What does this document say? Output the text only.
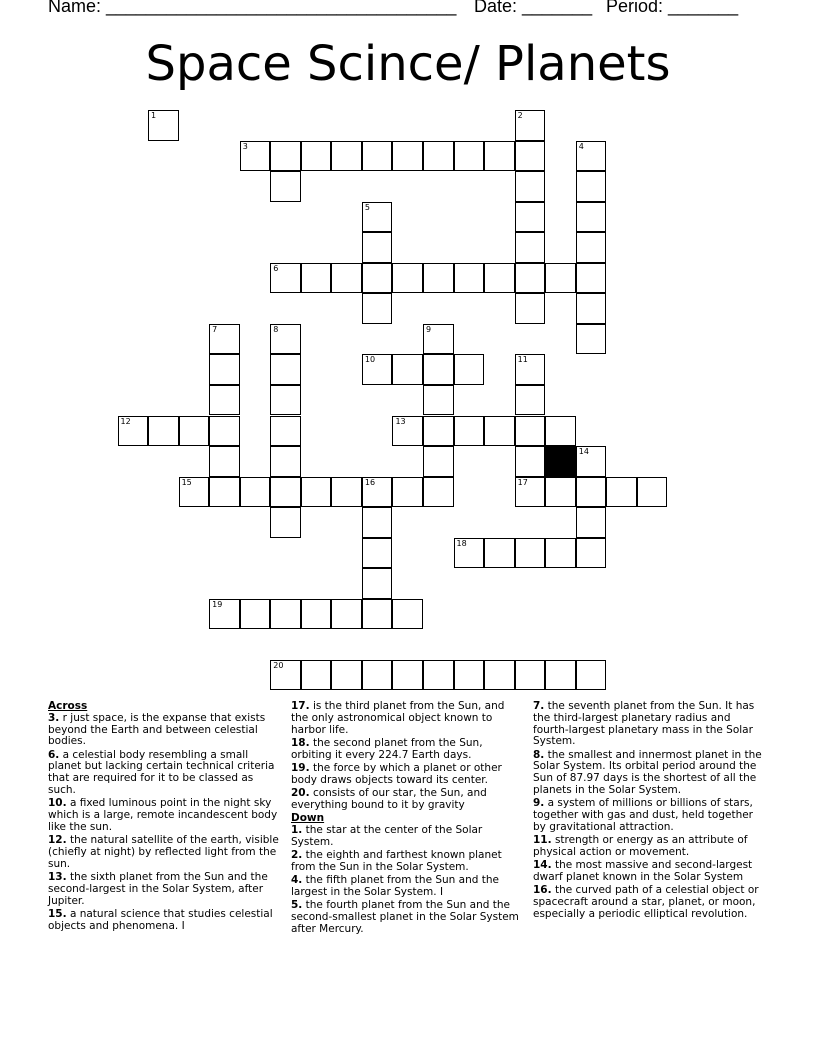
Name: ___________________________________ Date: _______ Period: _______
Space Scince/ Planets
1	2
3	4
5
6
7	8	9
10	11
12	13
14
15	16	17
18
19
20
Across
3. r just space, is the expanse that exists beyond the Earth and between celestial bodies.
6. a celestial body resembling a small planet but lacking certain technical criteria that are required for it to be classed as such.
10. a fixed luminous point in the night sky which is a large, remote incandescent body like the sun.
12. the natural satellite of the earth, visible (chiefly at night) by reflected light from the sun.
13. the sixth planet from the Sun and the second-largest in the Solar System, after Jupiter.
15. a natural science that studies celestial objects and phenomena. I
17. is the third planet from the Sun, and the only astronomical object known to harbor life.
18. the second planet from the Sun, orbiting it every 224.7 Earth days.
19. the force by which a planet or other body draws objects toward its center.
20. consists of our star, the Sun, and everything bound to it by gravity
Down
1. the star at the center of the Solar System.
2. the eighth and farthest known planet from the Sun in the Solar System.
4. the fifth planet from the Sun and the largest in the Solar System. I
5. the fourth planet from the Sun and the second-smallest planet in the Solar System after Mercury.
7. the seventh planet from the Sun. It has the third-largest planetary radius and fourth-largest planetary mass in the Solar System.
8. the smallest and innermost planet in the Solar System. Its orbital period around the Sun of 87.97 days is the shortest of all the planets in the Solar System.
9. a system of millions or billions of stars, together with gas and dust, held together by gravitational attraction.
11. strength or energy as an attribute of physical action or movement.
14. the most massive and second-largest dwarf planet known in the Solar System
16. the curved path of a celestial object or spacecraft around a star, planet, or moon, especially a periodic elliptical revolution.
